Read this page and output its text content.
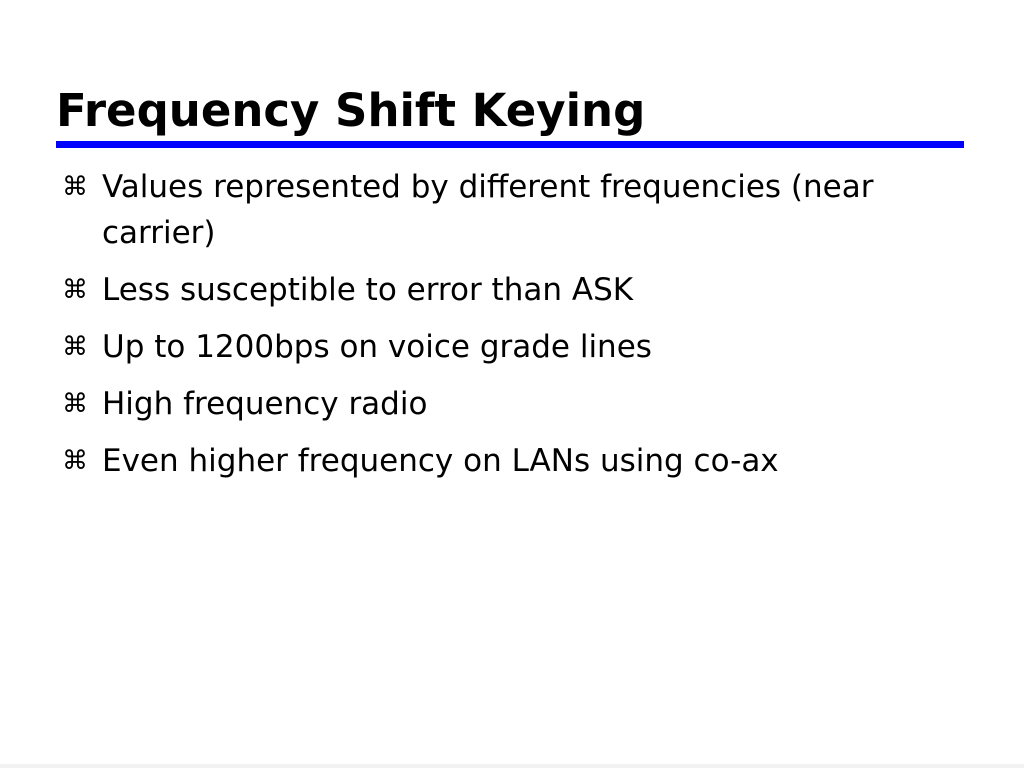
Frequency Shift Keying
⌘ Values represented by different frequencies (near carrier)
⌘ Less susceptible to error than ASK
⌘ Up to 1200bps on voice grade lines
⌘ High frequency radio
⌘ Even higher frequency on LANs using co-ax
